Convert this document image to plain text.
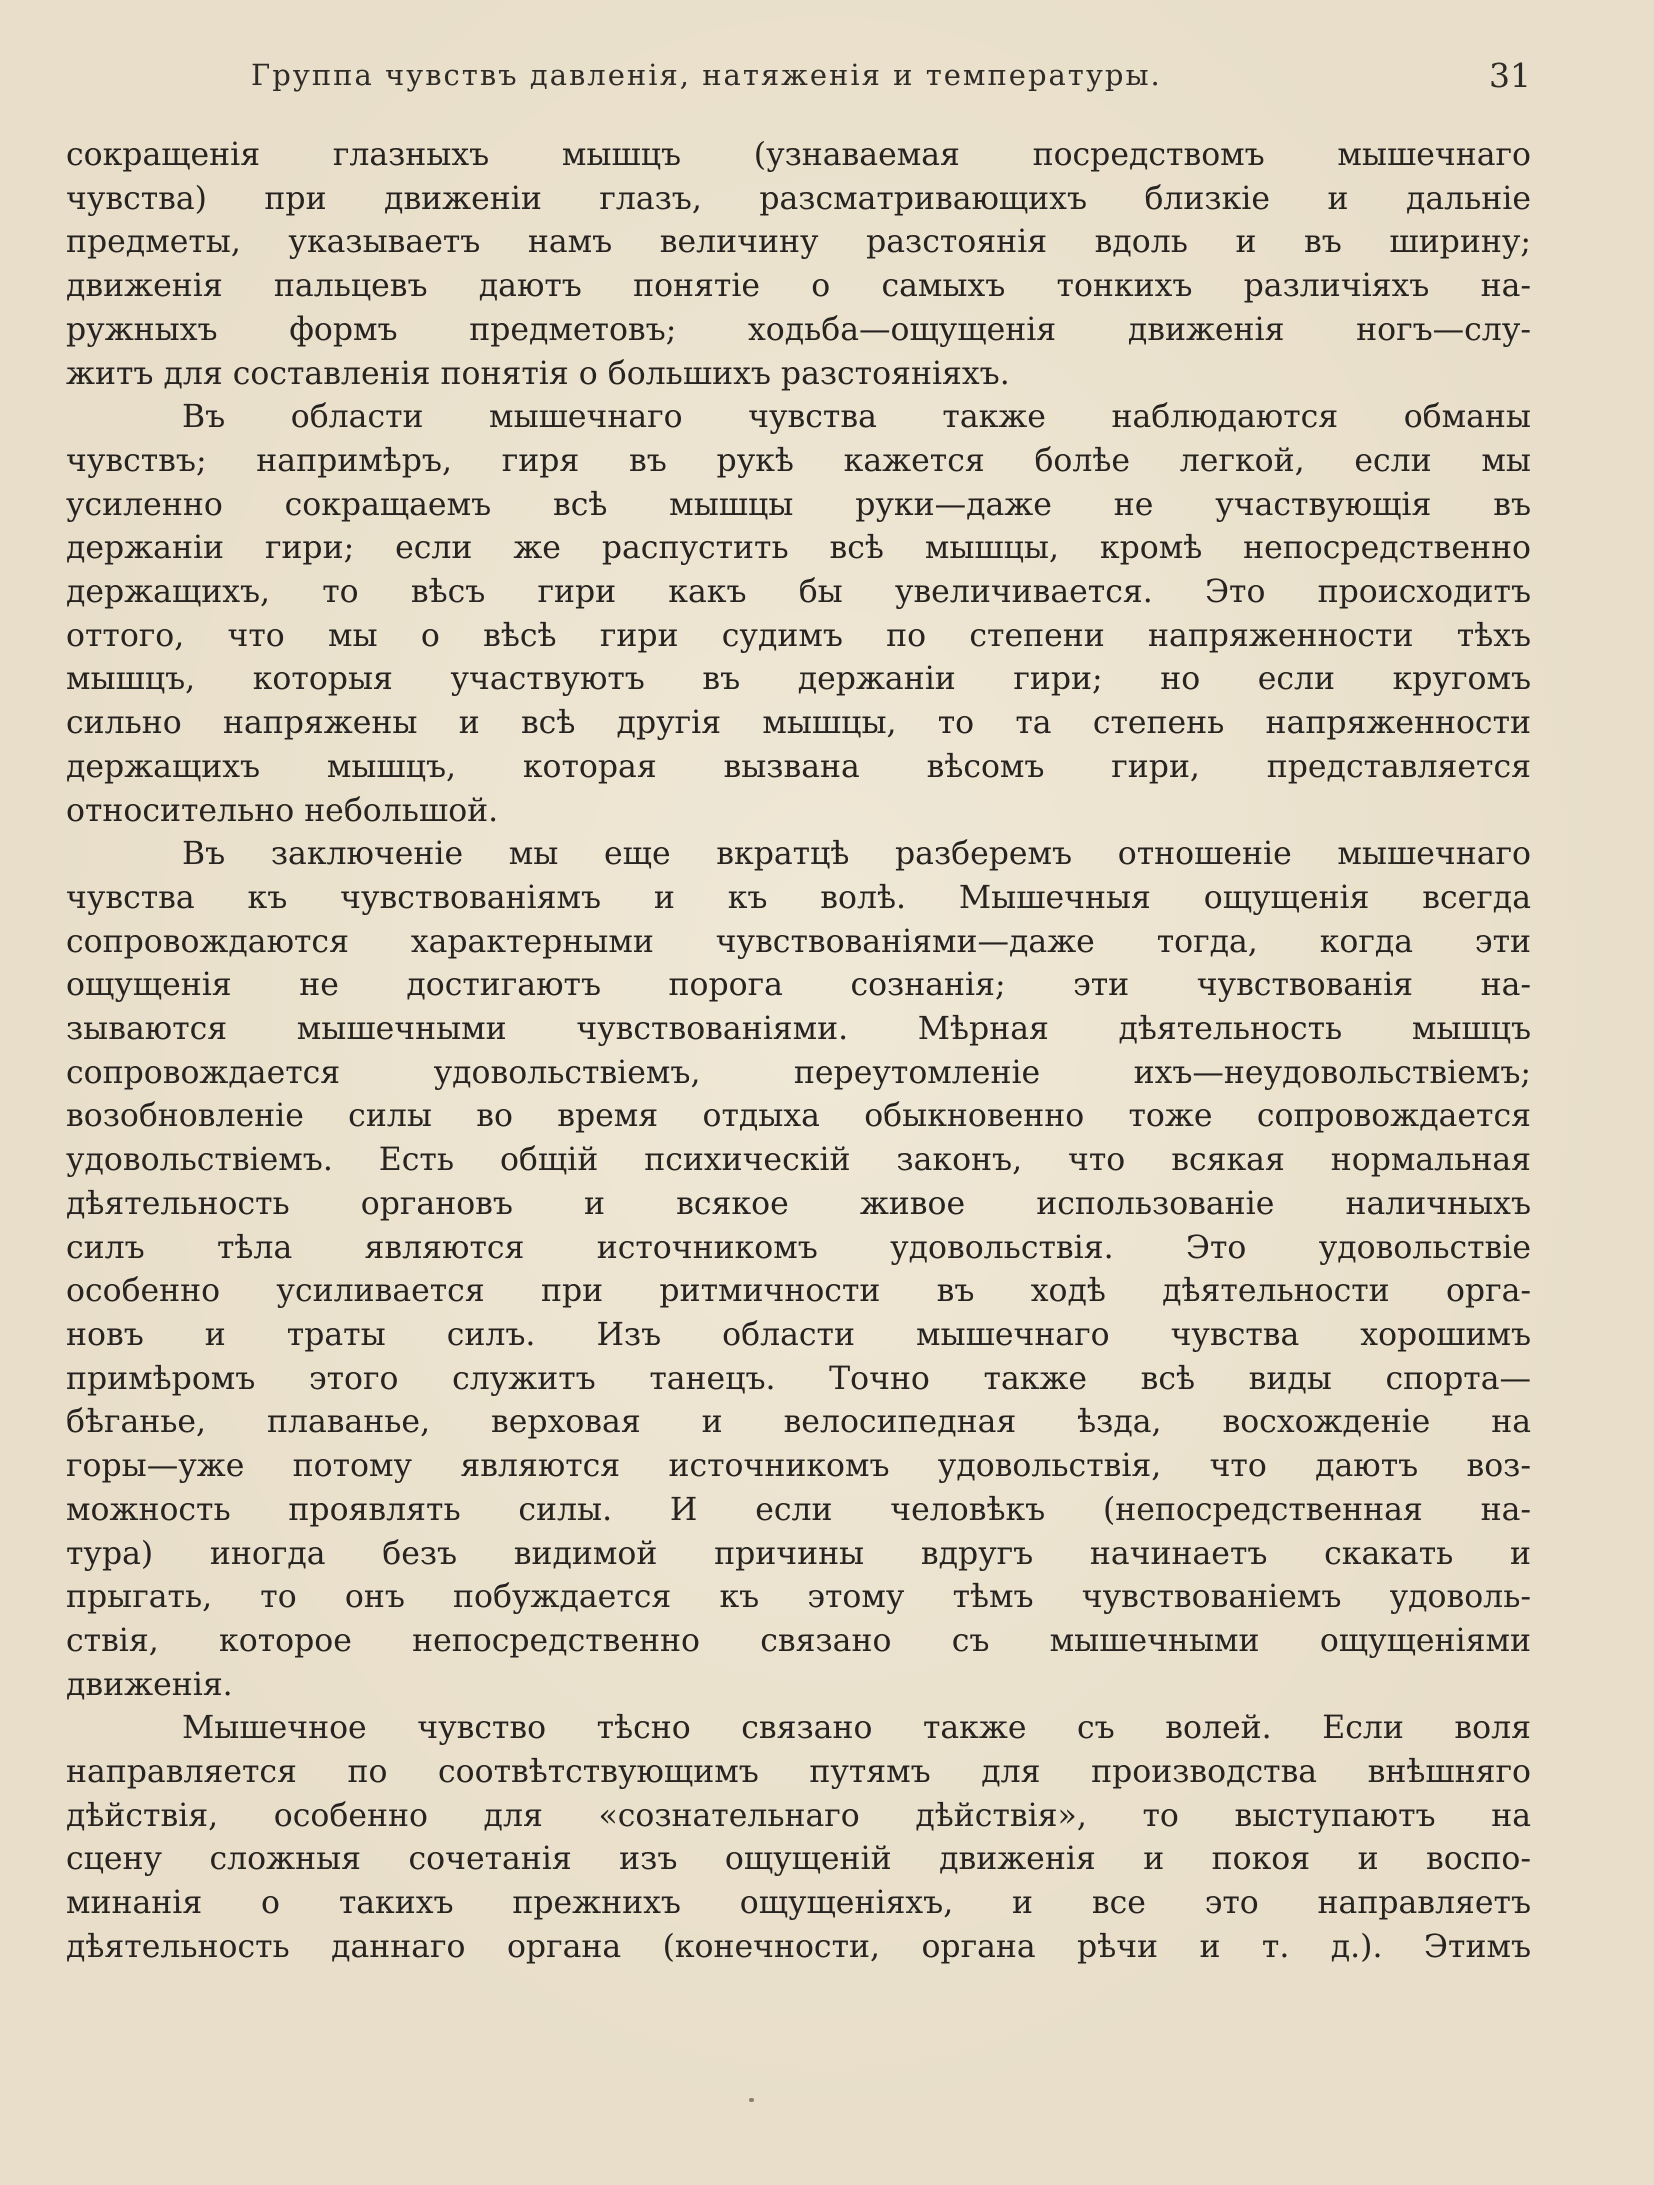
Группа чувствъ давленія, натяженія и температуры.	31

сокращенія глазныхъ мышцъ (узнаваемая посредствомъ мышечнаго
чувства) при движеніи глазъ, разсматривающихъ близкіе и дальніе
предметы, указываетъ намъ величину разстоянія вдоль и въ ширину;
движенія пальцевъ даютъ понятіе о самыхъ тонкихъ различіяхъ на-
ружныхъ формъ предметовъ; ходьба—ощущенія движенія ногъ—слу-
житъ для составленія понятія о большихъ разстояніяхъ.

Въ области мышечнаго чувства также наблюдаются обманы
чувствъ; напримѣръ, гиря въ рукѣ кажется болѣе легкой, если мы
усиленно сокращаемъ всѣ мышцы руки—даже не участвующія въ
держаніи гири; если же распустить всѣ мышцы, кромѣ непосредственно
держащихъ, то вѣсъ гири какъ бы увеличивается. Это происходитъ
оттого, что мы о вѣсѣ гири судимъ по степени напряженности тѣхъ
мышцъ, которыя участвуютъ въ держаніи гири; но если кругомъ
сильно напряжены и всѣ другія мышцы, то та степень напряженности
держащихъ мышцъ, которая вызвана вѣсомъ гири, представляется
относительно небольшой.

Въ заключеніе мы еще вкратцѣ разберемъ отношеніе мышечнаго
чувства къ чувствованіямъ и къ волѣ. Мышечныя ощущенія всегда
сопровождаются характерными чувствованіями—даже тогда, когда эти
ощущенія не достигаютъ порога сознанія; эти чувствованія на-
зываются мышечными чувствованіями. Мѣрная дѣятельность мышцъ
сопровождается удовольствіемъ, переутомленіе ихъ—неудовольствіемъ;
возобновленіе силы во время отдыха обыкновенно тоже сопровождается
удовольствіемъ. Есть общій психическій законъ, что всякая нормальная
дѣятельность органовъ и всякое живое использованіе наличныхъ
силъ тѣла являются источникомъ удовольствія. Это удовольствіе
особенно усиливается при ритмичности въ ходѣ дѣятельности орга-
новъ и траты силъ. Изъ области мышечнаго чувства хорошимъ
примѣромъ этого служитъ танецъ. Точно также всѣ виды спорта—
бѣганье, плаванье, верховая и велосипедная ѣзда, восхожденіе на
горы—уже потому являются источникомъ удовольствія, что даютъ воз-
можность проявлять силы. И если человѣкъ (непосредственная на-
тура) иногда безъ видимой причины вдругъ начинаетъ скакать и
прыгать, то онъ побуждается къ этому тѣмъ чувствованіемъ удоволь-
ствія, которое непосредственно связано съ мышечными ощущеніями
движенія.

Мышечное чувство тѣсно связано также съ волей. Если воля
направляется по соотвѣтствующимъ путямъ для производства внѣшняго
дѣйствія, особенно для «сознательнаго дѣйствія», то выступаютъ на
сцену сложныя сочетанія изъ ощущеній движенія и покоя и воспо-
минанія о такихъ прежнихъ ощущеніяхъ, и все это направляетъ
дѣятельность даннаго органа (конечности, органа рѣчи и т. д.). Этимъ
